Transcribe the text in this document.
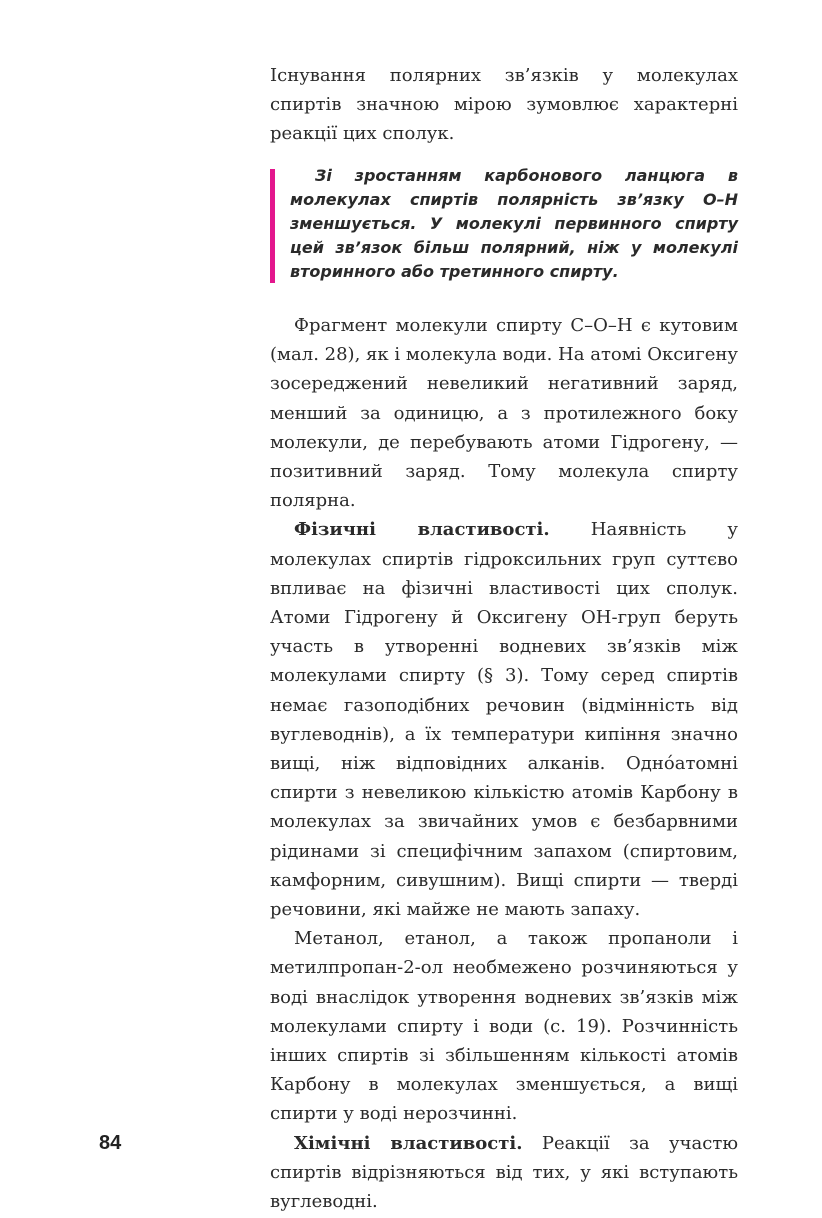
Існування полярних зв’язків у молекулах спиртів значною мірою зумовлює характерні реакції цих сполук.

Зі зростанням карбонового ланцюга в молекулах спиртів полярність зв’язку О–Н зменшується. У молекулі первинного спирту цей зв’язок більш полярний, ніж у молекулі вторинного або третинного спирту.

Фрагмент молекули спирту С–О–Н є кутовим (мал. 28), як і молекула води. На атомі Оксигену зосереджений невеликий негативний заряд, менший за одиницю, а з протилежного боку молекули, де перебувають атоми Гідрогену, — позитивний заряд. Тому молекула спирту полярна.

Фізичні властивості. Наявність у молекулах спиртів гідроксильних груп суттєво впливає на фізичні властивості цих сполук. Атоми Гідрогену й Оксигену ОН-груп беруть участь в утворенні водневих зв’язків між молекулами спирту (§ 3). Тому серед спиртів немає газоподібних речовин (відмінність від вуглеводнів), а їх температури кипіння значно вищі, ніж відповідних алканів. Однóатомні спирти з невеликою кількістю атомів Карбону в молекулах за звичайних умов є безбарвними рідинами зі специфічним запахом (спиртовим, камфорним, сивушним). Вищі спирти — тверді речовини, які майже не мають запаху.

Метанол, етанол, а також пропаноли і метилпропан-2-ол необмежено розчиняються у воді внаслідок утворення водневих зв’язків між молекулами спирту і води (с. 19). Розчинність інших спиртів зі збільшенням кількості атомів Карбону в молекулах зменшується, а вищі спирти у воді нерозчинні.

Хімічні властивості. Реакції за участю спиртів відрізняються від тих, у які вступають вуглеводні.

84
